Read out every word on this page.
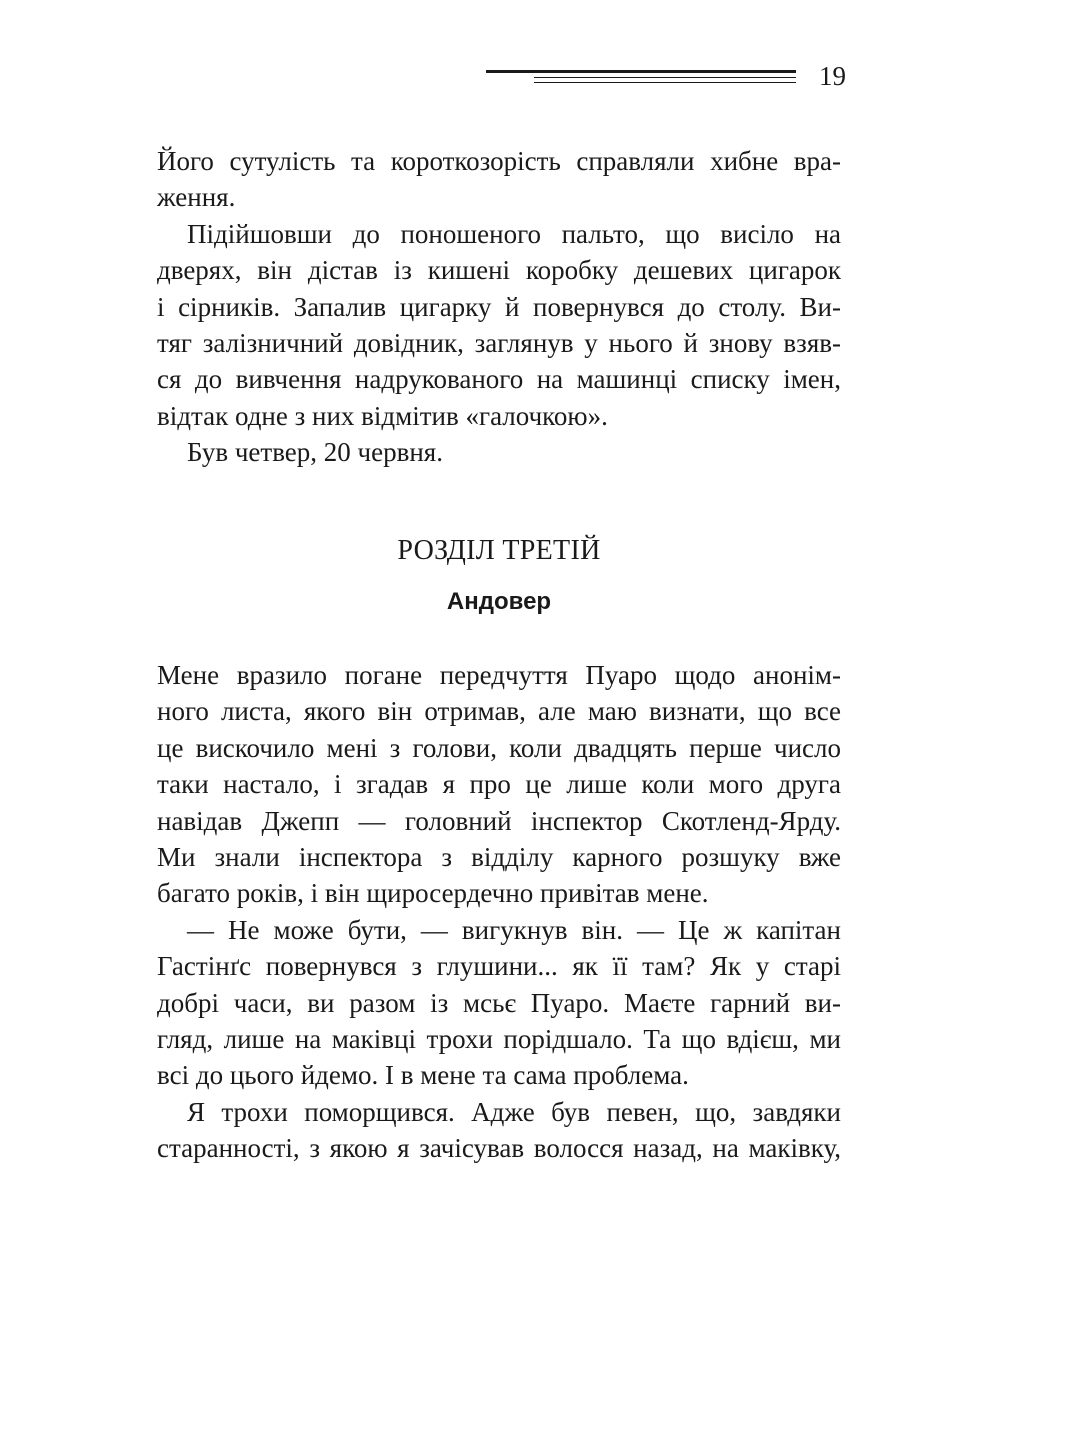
19

Його сутулість та короткозорість справляли хибне вра-

ження.

Підійшовши до поношеного пальто, що висіло на

дверях, він дістав із кишені коробку дешевих цигарок

і сірників. Запалив цигарку й повернувся до столу. Ви-

тяг залізничний довідник, заглянув у нього й знову взяв-

ся до вивчення надрукованого на машинці списку імен,

відтак одне з них відмітив «галочкою».

Був четвер, 20 червня.

РОЗДІЛ ТРЕТІЙ
Андовер

Мене вразило погане передчуття Пуаро щодо анонім-

ного листа, якого він отримав, але маю визнати, що все

це вискочило мені з голови, коли двадцять перше число

таки настало, і згадав я про це лише коли мого друга

навідав Джепп — головний інспектор Скотленд-Ярду.

Ми знали інспектора з відділу карного розшуку вже

багато років, і він щиросердечно привітав мене.

— Не може бути, — вигукнув він. — Це ж капітан

Гастінґс повернувся з глушини... як її там? Як у старі

добрі часи, ви разом із мсьє Пуаро. Маєте гарний ви-

гляд, лише на маківці трохи порідшало. Та що вдієш, ми

всі до цього йдемо. І в мене та сама проблема.

Я трохи поморщився. Адже був певен, що, завдяки

старанності, з якою я зачісував волосся назад, на маківку,
